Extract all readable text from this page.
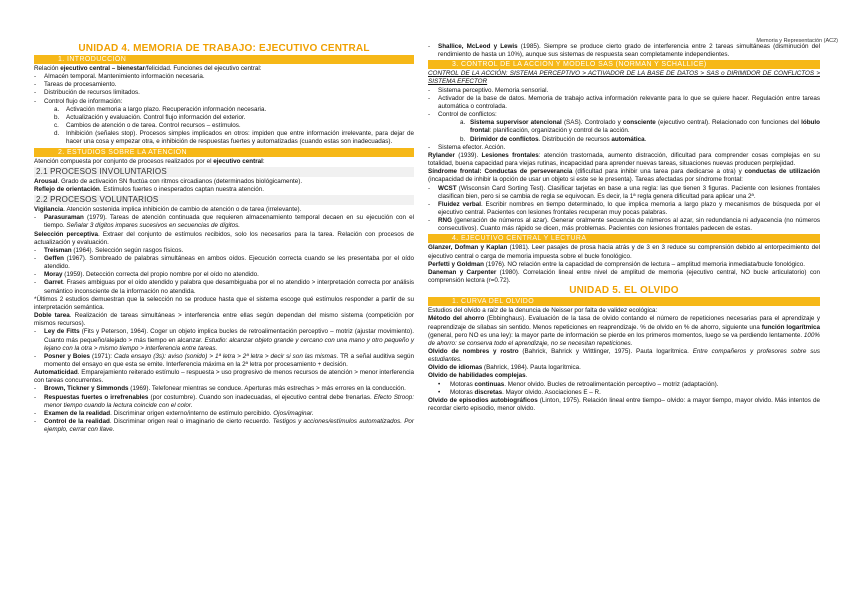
Memoria y Representación (AC2)
UNIDAD 4. MEMORIA DE TRABAJO: EJECUTIVO CENTRAL
1. INTRODUCCIÓN

Relación ejecutivo central – bienestar/felicidad. Funciones del ejecutivo central:

- Almacén temporal. Mantenimiento información necesaria.
- Tareas de procesamiento.
- Distribución de recursos limitados.
- Control flujo de información:
a. Activación memoria a largo plazo. Recuperación información necesaria.
b. Actualización y evaluación. Control flujo información del exterior.
c. Cambios de atención o de tarea. Control recursos – estímulos.
d. Inhibición (señales stop). Procesos simples implicados en otros: impiden que entre información irrelevante, para dejar de hacer una cosa y empezar otra, e inhibición de respuestas fuertes y automatizadas (cuando estas son inadecuadas).
2. ESTUDIOS SOBRE LA ATENCIÓN

Atención compuesta por conjunto de procesos realizados por el ejecutivo central:

2.1 PROCESOS INVOLUNTARIOS

Arousal. Grado de activación SN fluctúa con ritmos circadianos (determinados biológicamente).

Reflejo de orientación. Estímulos fuertes o inesperados captan nuestra atención.

2.2 PROCESOS VOLUNTARIOS

Vigilancia. Atención sostenida implica inhibición de cambio de atención o de tarea (irrelevante).

- Parasuraman (1979). Tareas de atención continuada que requieren almacenamiento temporal decaen en su ejecución con el tiempo. Señalar 3 dígitos impares sucesivos en secuencias de dígitos.

Selección perceptiva. Extraer del conjunto de estímulos recibidos, solo los necesarios para la tarea. Relación con procesos de actualización y evaluación.

- Treisman (1964). Selección según rasgos físicos.
- Geffen (1967). Sombreado de palabras simultáneas en ambos oídos. Ejecución correcta cuando se les presentaba por el oído atendido.
- Moray (1959). Detección correcta del propio nombre por el oído no atendido.
- Garret. Frases ambiguas por el oído atendido y palabra que desambiguaba por el no atendido > interpretación correcta por análisis semántico inconsciente de la información no atendida.

*Últimos 2 estudios demuestran que la selección no se produce hasta que el sistema escoge qué estímulos responder a partir de su interpretación semántica.

Doble tarea. Realización de tareas simultáneas > interferencia entre ellas según dependan del mismo sistema (competición por mismos recursos).

- Ley de Fitts (Fits y Peterson, 1964). Coger un objeto implica bucles de retroalimentación perceptivo – motriz (ajustar movimiento). Cuanto más pequeño/alejado > más tiempo en alcanzar. Estudio: alcanzar objeto grande y cercano con una mano y otro pequeño y lejano con la otra > mismo tiempo > interferencia entre tareas.
- Posner y Boies (1971): Cada ensayo (3s): aviso (sonido) > 1ª letra > 2ª letra > decir si son las mismas. TR a señal auditiva según momento del ensayo en que esta se emite. Interferencia máxima en la 2ª letra por procesamiento + decisión.

Automaticidad. Emparejamiento reiterado estímulo – respuesta > uso progresivo de menos recursos de atención > menor interferencia con tareas concurrentes.

- Brown, Tickner y Simmonds (1969). Telefonear mientras se conduce. Aperturas más estrechas > más errores en la conducción.
- Respuestas fuertes o irrefrenables (por costumbre). Cuando son inadecuadas, el ejecutivo central debe frenarlas. Efecto Stroop: menor tiempo cuando la lectura coincide con el color.
- Examen de la realidad. Discriminar origen externo/interno de estímulo percibido. Ojos/imaginar.
- Control de la realidad. Discriminar origen real o imaginario de cierto recuerdo. Testigos y acciones/estímulos automatizados. Por ejemplo, cerrar con llave.
- Shallice, McLeod y Lewis (1985). Siempre se produce cierto grado de interferencia entre 2 tareas simultáneas (disminución del rendimiento de hasta un 10%), aunque sus sistemas de respuesta sean completamente independientes.
3. CONTROL DE LA ACCIÓN Y MODELO SAS (NORMAN Y SCHALLICE)

CONTROL DE LA ACCIÓN: SISTEMA PERCEPTIVO > ACTIVADOR DE LA BASE DE DATOS > SAS o DIRIMIDOR DE CONFLICTOS > SISTEMA EFECTOR

- Sistema perceptivo. Memoria sensorial.
- Activador de la base de datos. Memoria de trabajo activa información relevante para lo que se quiere hacer. Regulación entre tareas automática o controlada.
- Control de conflictos:
a. Sistema supervisor atencional (SAS). Controlado y consciente (ejecutivo central). Relacionado con funciones del lóbulo frontal: planificación, organización y control de la acción.
b. Dirimidor de conflictos. Distribución de recursos automática.
- Sistema efector. Acción.

Rylander (1939). Lesiones frontales: atención trastornada, aumento distracción, dificultad para comprender cosas complejas en su totalidad, buena capacidad para viejas rutinas, incapacidad para aprender nuevas tareas, situaciones nuevas producen perplejidad.

Síndrome frontal: Conductas de perseverancia (dificultad para inhibir una tarea para dedicarse a otra) y conductas de utilización (incapacidad de inhibir la opción de usar un objeto si este se le presenta). Tareas afectadas por síndrome frontal:

- WCST (Wisconsin Card Sorting Test). Clasificar tarjetas en base a una regla: las que tienen 3 figuras. Paciente con lesiones frontales clasifican bien, pero si se cambia de regla se equivocan. Es decir, la 1ª regla genera dificultad para aplicar una 2ª.
- Fluidez verbal. Escribir nombres en tiempo determinado, lo que implica memoria a largo plazo y mecanismos de búsqueda por el ejecutivo central. Pacientes con lesiones frontales recuperan muy pocas palabras.
- RNG (generación de números al azar). Generar oralmente secuencia de números al azar, sin redundancia ni adyacencia (no números consecutivos). Cuanto más rápido se dicen, más problemas. Pacientes con lesiones frontales padecen de estas.
4. EJECUTIVO CENTRAL Y LECTURA

Glanzer, Dofman y Kaplan (1981). Leer pasajes de prosa hacia atrás y de 3 en 3 reduce su comprensión debido al entorpecimiento del ejecutivo central o carga de memoria impuesta sobre el bucle fonológico.

Perfetti y Goldman (1976). NO relación entre la capacidad de comprensión de lectura – amplitud memoria inmediata/bucle fonológico.

Daneman y Carpenter (1980). Correlación lineal entre nivel de amplitud de memoria (ejecutivo central, NO bucle articulatorio) con comprensión lectora (r=0.72).

UNIDAD 5. EL OLVIDO
1. CURVA DEL OLVIDO

Estudios del olvido a raíz de la denuncia de Neisser por falta de validez ecológica:

Método del ahorro (Ebbinghaus). Evaluación de la tasa de olvido contando el número de repeticiones necesarias para el aprendizaje y reaprendizaje de sílabas sin sentido. Menos repeticiones en reaprendizaje. % de olvido en % de ahorro, siguiente una función logarítmica (general, pero NO es una ley): la mayor parte de información se pierde en los primeros momentos, luego se va perdiendo lentamente. 100% de ahorro: se conserva todo el aprendizaje, no se necesitan repeticiones.

Olvido de nombres y rostro (Bahrick, Bahrick y Wittlinger, 1975). Pauta logarítmica. Entre compañeros y profesores sobre sus estudiantes.

Olvido de idiomas (Bahrick, 1984). Pauta logarítmica.

Olvido de habilidades complejas.

• Motoras continuas. Menor olvido. Bucles de retroalimentación perceptivo – motriz (adaptación).
• Motoras discretas. Mayor olvido. Asociaciones E – R.

Olvido de episodios autobiográficos (Linton, 1975). Relación lineal entre tiempo– olvido: a mayor tiempo, mayor olvido. Más intentos de recordar cierto episodio, menor olvido.
